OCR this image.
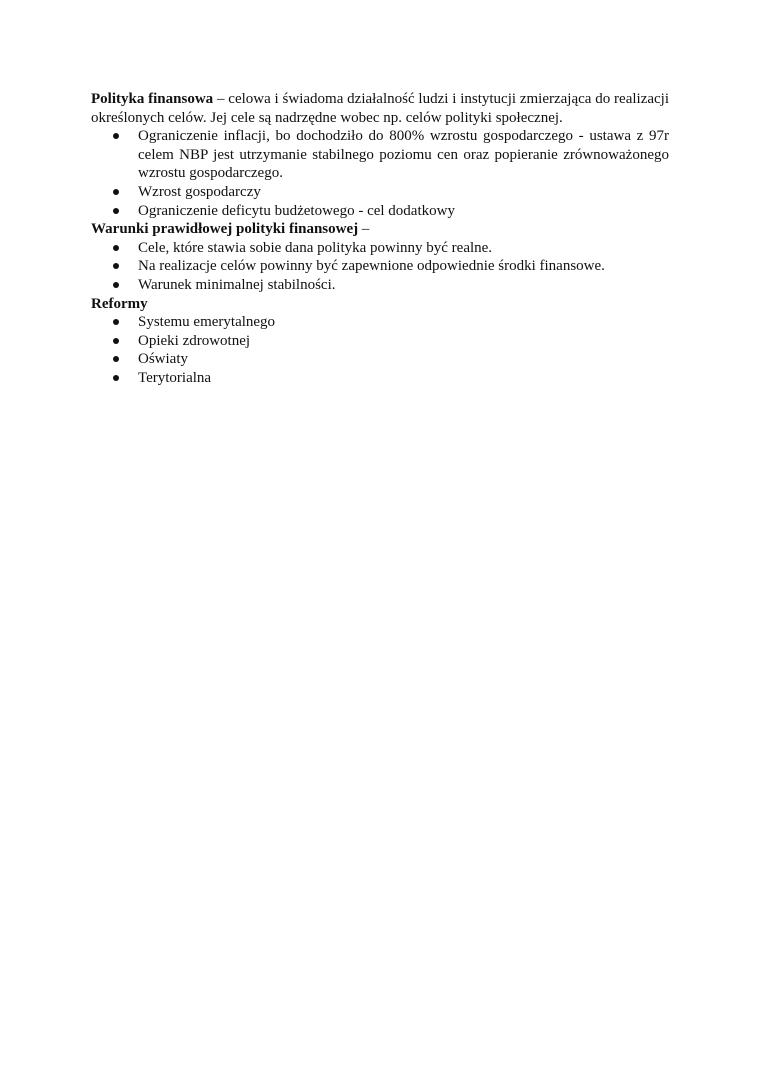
Polityka finansowa – celowa i świadoma działalność ludzi i instytucji zmierzająca do realizacji określonych celów. Jej cele są nadrzędne wobec np. celów polityki społecznej.

Ograniczenie inflacji, bo dochodziło do 800% wzrostu gospodarczego - ustawa z 97r celem NBP jest utrzymanie stabilnego poziomu cen oraz popieranie zrównoważonego wzrostu gospodarczego.
Wzrost gospodarczy
Ograniczenie deficytu budżetowego - cel dodatkowy

Warunki prawidłowej polityki finansowej –

Cele, które stawia sobie dana polityka powinny być realne.
Na realizacje celów powinny być zapewnione odpowiednie środki finansowe.
Warunek minimalnej stabilności.

Reformy

Systemu emerytalnego
Opieki zdrowotnej
Oświaty
Terytorialna
